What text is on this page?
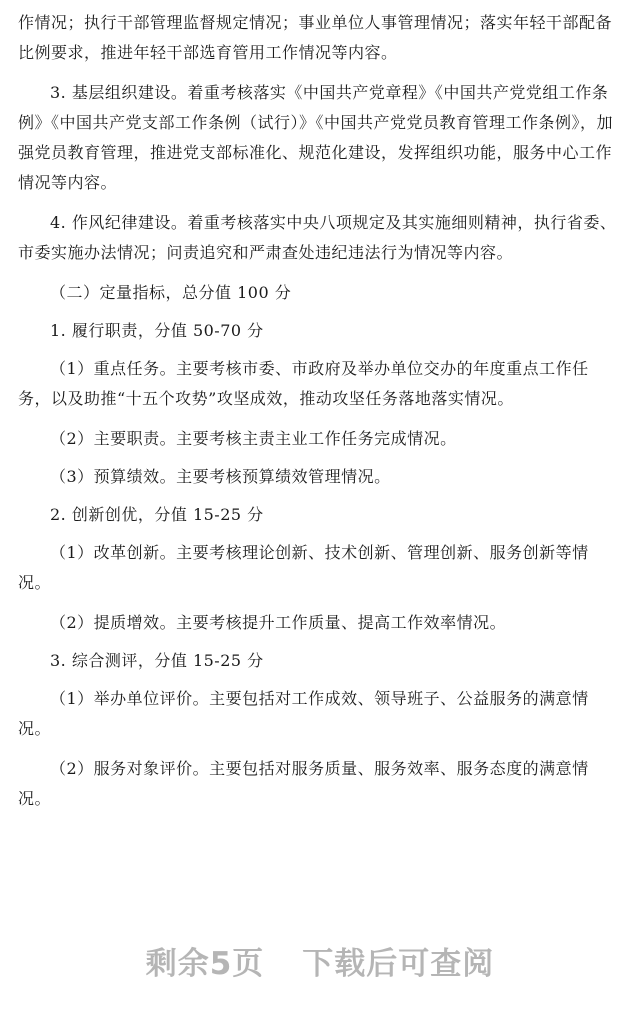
作情况；执行干部管理监督规定情况；事业单位人事管理情况；落实年轻干部配备比例要求，推进年轻干部选育管用工作情况等内容。

3. 基层组织建设。着重考核落实《中国共产党章程》《中国共产党党组工作条例》《中国共产党支部工作条例（试行）》《中国共产党党员教育管理工作条例》，加强党员教育管理，推进党支部标准化、规范化建设，发挥组织功能，服务中心工作情况等内容。

4. 作风纪律建设。着重考核落实中央八项规定及其实施细则精神，执行省委、市委实施办法情况；问责追究和严肃查处违纪违法行为情况等内容。

（二）定量指标，总分值 100 分

1. 履行职责，分值 50-70 分

（1）重点任务。主要考核市委、市政府及举办单位交办的年度重点工作任务，以及助推“十五个攻势”攻坚成效，推动攻坚任务落地落实情况。

（2）主要职责。主要考核主责主业工作任务完成情况。

（3）预算绩效。主要考核预算绩效管理情况。

2. 创新创优，分值 15-25 分

（1）改革创新。主要考核理论创新、技术创新、管理创新、服务创新等情况。

（2）提质增效。主要考核提升工作质量、提高工作效率情况。

3. 综合测评，分值 15-25 分

（1）举办单位评价。主要包括对工作成效、领导班子、公益服务的满意情况。

（2）服务对象评价。主要包括对服务质量、服务效率、服务态度的满意情况。

剩余5页 下载后可查阅
